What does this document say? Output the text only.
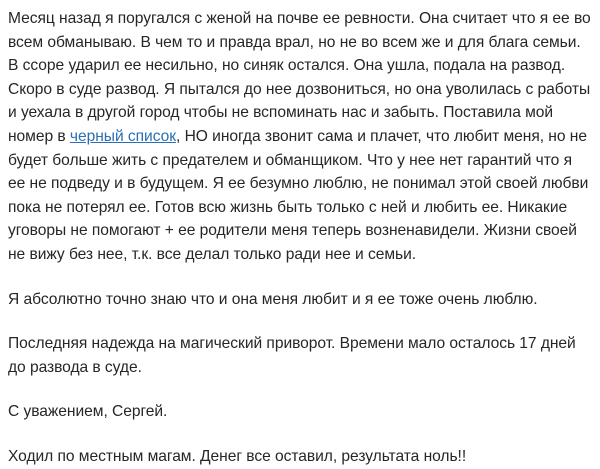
Месяц назад я поругался с женой на почве ее ревности. Она считает что я ее во всем обманываю. В чем то и правда врал, но не во всем же и для блага семьи. В ссоре ударил ее несильно, но синяк остался. Она ушла, подала на развод. Скоро в суде развод. Я пытался до нее дозвониться, но она уволилась с работы и уехала в другой город чтобы не вспоминать нас и забыть. Поставила мой номер в черный список, НО иногда звонит сама и плачет, что любит меня, но не будет больше жить с предателем и обманщиком. Что у нее нет гарантий что я ее не подведу и в будущем. Я ее безумно люблю, не понимал этой своей любви пока не потерял ее. Готов всю жизнь быть только с ней и любить ее. Никакие уговоры не помогают + ее родители меня теперь возненавидели. Жизни своей не вижу без нее, т.к. все делал только ради нее и семьи.

Я абсолютно точно знаю что и она меня любит и я ее тоже очень люблю.

Последняя надежда на магический приворот. Времени мало осталось 17 дней до развода в суде.

С уважением, Сергей.

Ходил по местным магам. Денег все оставил, результата ноль!!
